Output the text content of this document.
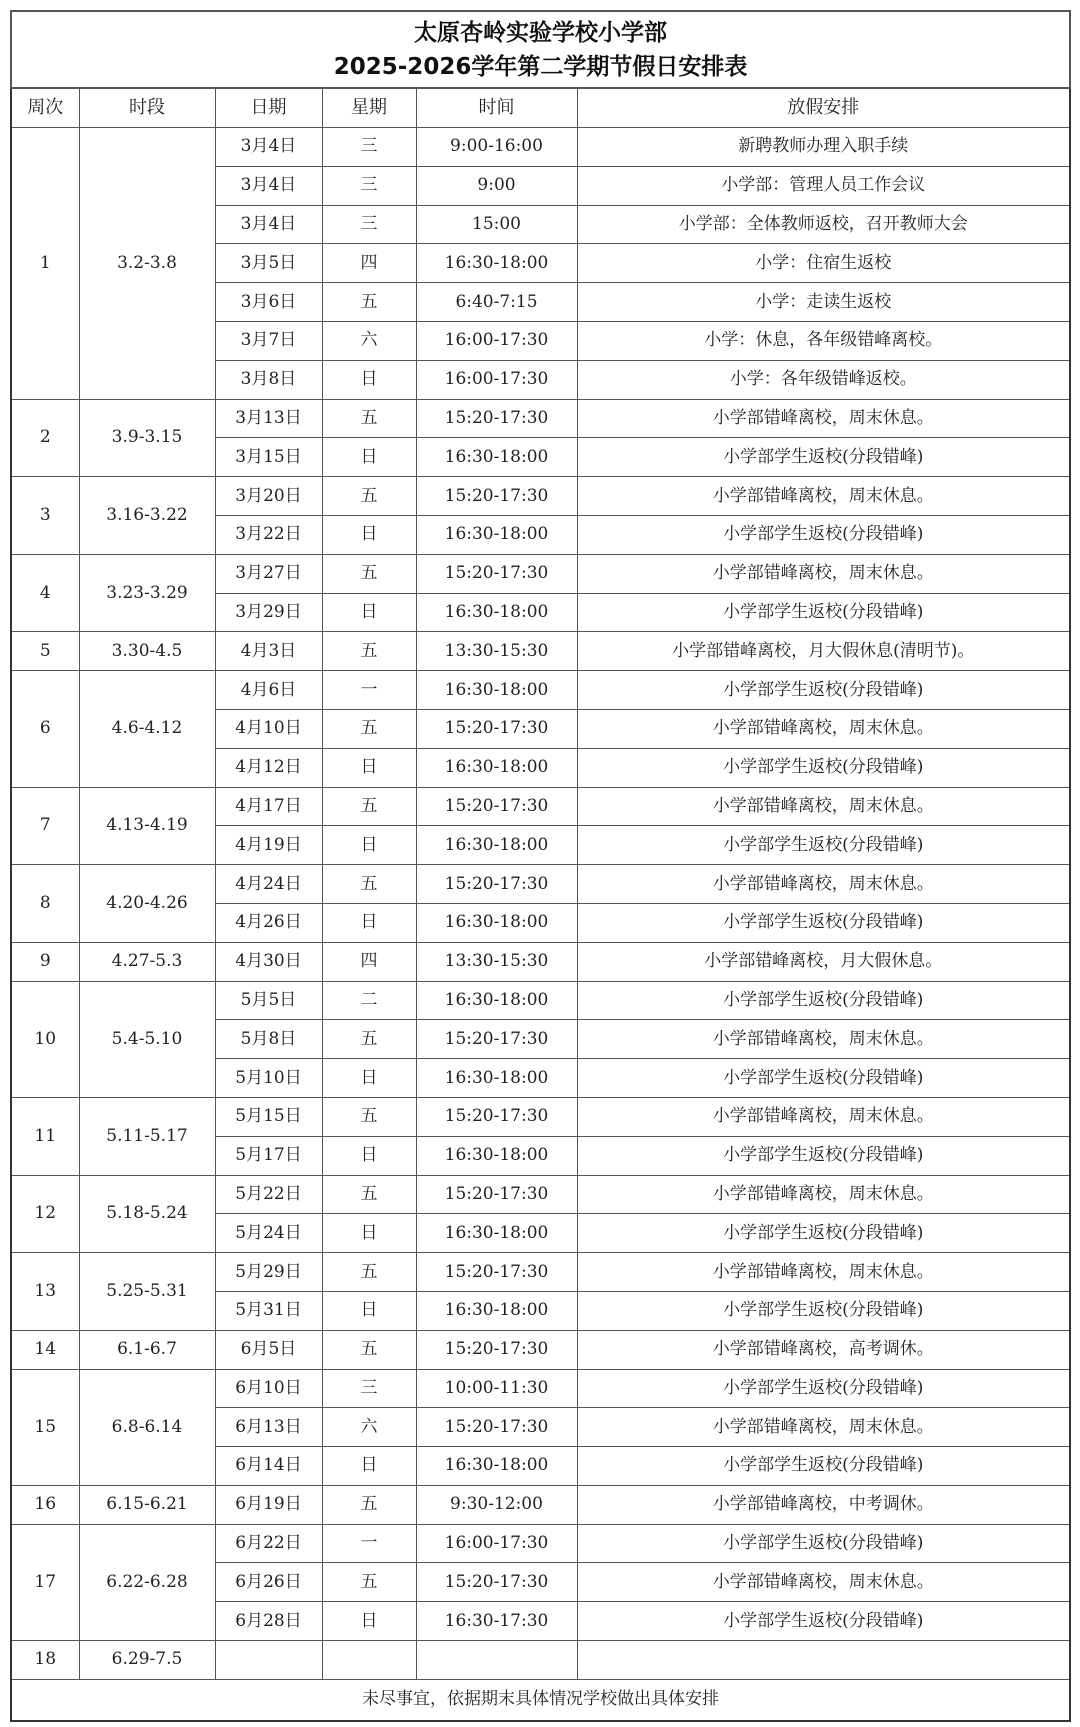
太原杏岭实验学校小学部
2025-2026学年第二学期节假日安排表					

周次	时段	日期	星期	时间	放假安排
1	3.2-3.8	3月4日	三	9:00-16:00	新聘教师办理入职手续
		3月4日	三	9:00	小学部：管理人员工作会议
		3月4日	三	15:00	小学部：全体教师返校，召开教师大会
		3月5日	四	16:30-18:00	小学：住宿生返校
		3月6日	五	6:40-7:15	小学：走读生返校
		3月7日	六	16:00-17:30	小学：休息，各年级错峰离校。
		3月8日	日	16:00-17:30	小学：各年级错峰返校。
2	3.9-3.15	3月13日	五	15:20-17:30	小学部错峰离校，周末休息。
		3月15日	日	16:30-18:00	小学部学生返校(分段错峰)
3	3.16-3.22	3月20日	五	15:20-17:30	小学部错峰离校，周末休息。
		3月22日	日	16:30-18:00	小学部学生返校(分段错峰)
4	3.23-3.29	3月27日	五	15:20-17:30	小学部错峰离校，周末休息。
		3月29日	日	16:30-18:00	小学部学生返校(分段错峰)
5	3.30-4.5	4月3日	五	13:30-15:30	小学部错峰离校，月大假休息(清明节)。
6	4.6-4.12	4月6日	一	16:30-18:00	小学部学生返校(分段错峰)
		4月10日	五	15:20-17:30	小学部错峰离校，周末休息。
		4月12日	日	16:30-18:00	小学部学生返校(分段错峰)
7	4.13-4.19	4月17日	五	15:20-17:30	小学部错峰离校，周末休息。
		4月19日	日	16:30-18:00	小学部学生返校(分段错峰)
8	4.20-4.26	4月24日	五	15:20-17:30	小学部错峰离校，周末休息。
		4月26日	日	16:30-18:00	小学部学生返校(分段错峰)
9	4.27-5.3	4月30日	四	13:30-15:30	小学部错峰离校，月大假休息。
10	5.4-5.10	5月5日	二	16:30-18:00	小学部学生返校(分段错峰)
		5月8日	五	15:20-17:30	小学部错峰离校，周末休息。
		5月10日	日	16:30-18:00	小学部学生返校(分段错峰)
11	5.11-5.17	5月15日	五	15:20-17:30	小学部错峰离校，周末休息。
		5月17日	日	16:30-18:00	小学部学生返校(分段错峰)
12	5.18-5.24	5月22日	五	15:20-17:30	小学部错峰离校，周末休息。
		5月24日	日	16:30-18:00	小学部学生返校(分段错峰)
13	5.25-5.31	5月29日	五	15:20-17:30	小学部错峰离校，周末休息。
		5月31日	日	16:30-18:00	小学部学生返校(分段错峰)
14	6.1-6.7	6月5日	五	15:20-17:30	小学部错峰离校，高考调休。
15	6.8-6.14	6月10日	三	10:00-11:30	小学部学生返校(分段错峰)
		6月13日	六	15:20-17:30	小学部错峰离校，周末休息。
		6月14日	日	16:30-18:00	小学部学生返校(分段错峰)
16	6.15-6.21	6月19日	五	9:30-12:00	小学部错峰离校，中考调休。
17	6.22-6.28	6月22日	一	16:00-17:30	小学部学生返校(分段错峰)
		6月26日	五	15:20-17:30	小学部错峰离校，周末休息。
		6月28日	日	16:30-17:30	小学部学生返校(分段错峰)
18	6.29-7.5				
未尽事宜，依据期末具体情况学校做出具体安排					
